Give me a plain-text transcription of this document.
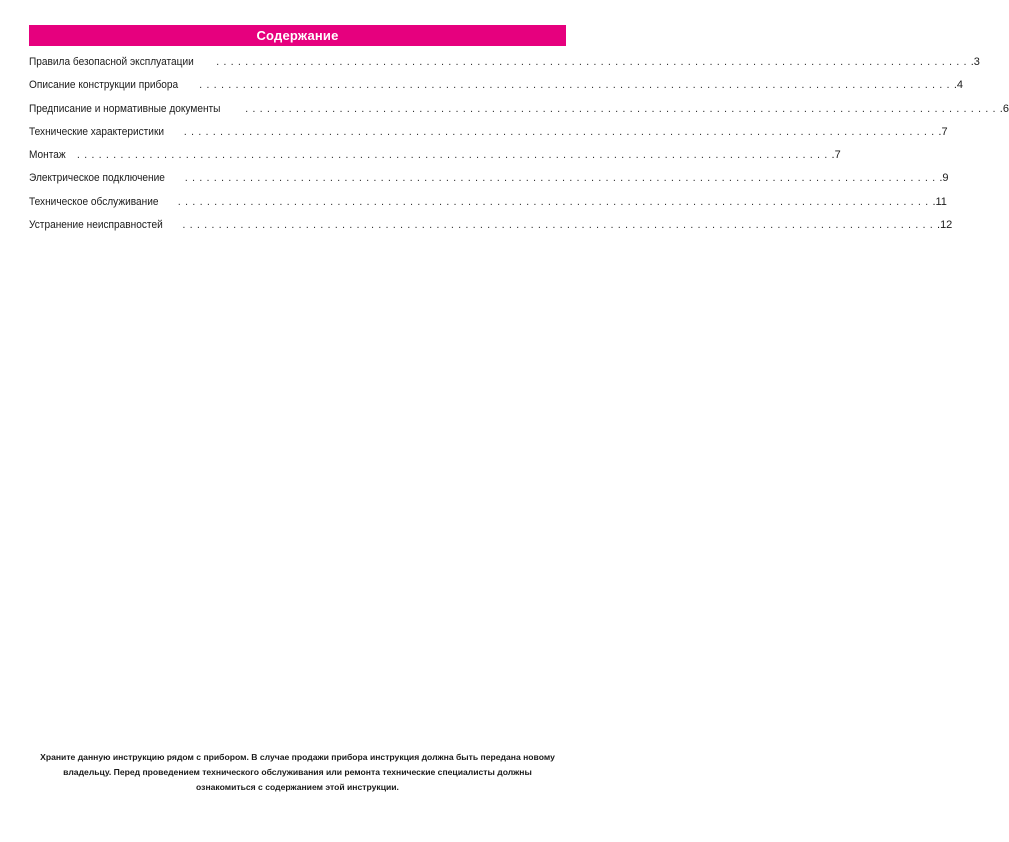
Содержание
Правила безопасной эксплуатации	........................................................................................................ .3
Описание конструкции прибора	........................................................................................................ .4
Предписание и нормативные документы	........................................................................................................ .6
Технические характеристики	........................................................................................................ .7
Монтаж	........................................................................................................ .7
Электрическое подключение	........................................................................................................ .9
Техническое обслуживание	........................................................................................................ .11
Устранение неисправностей	........................................................................................................ .12
Храните данную инструкцию рядом с прибором. В случае продажи прибора инструкция должна быть передана новому владельцу. Перед проведением технического обслуживания или ремонта технические специалисты должны ознакомиться с содержанием этой инструкции.
